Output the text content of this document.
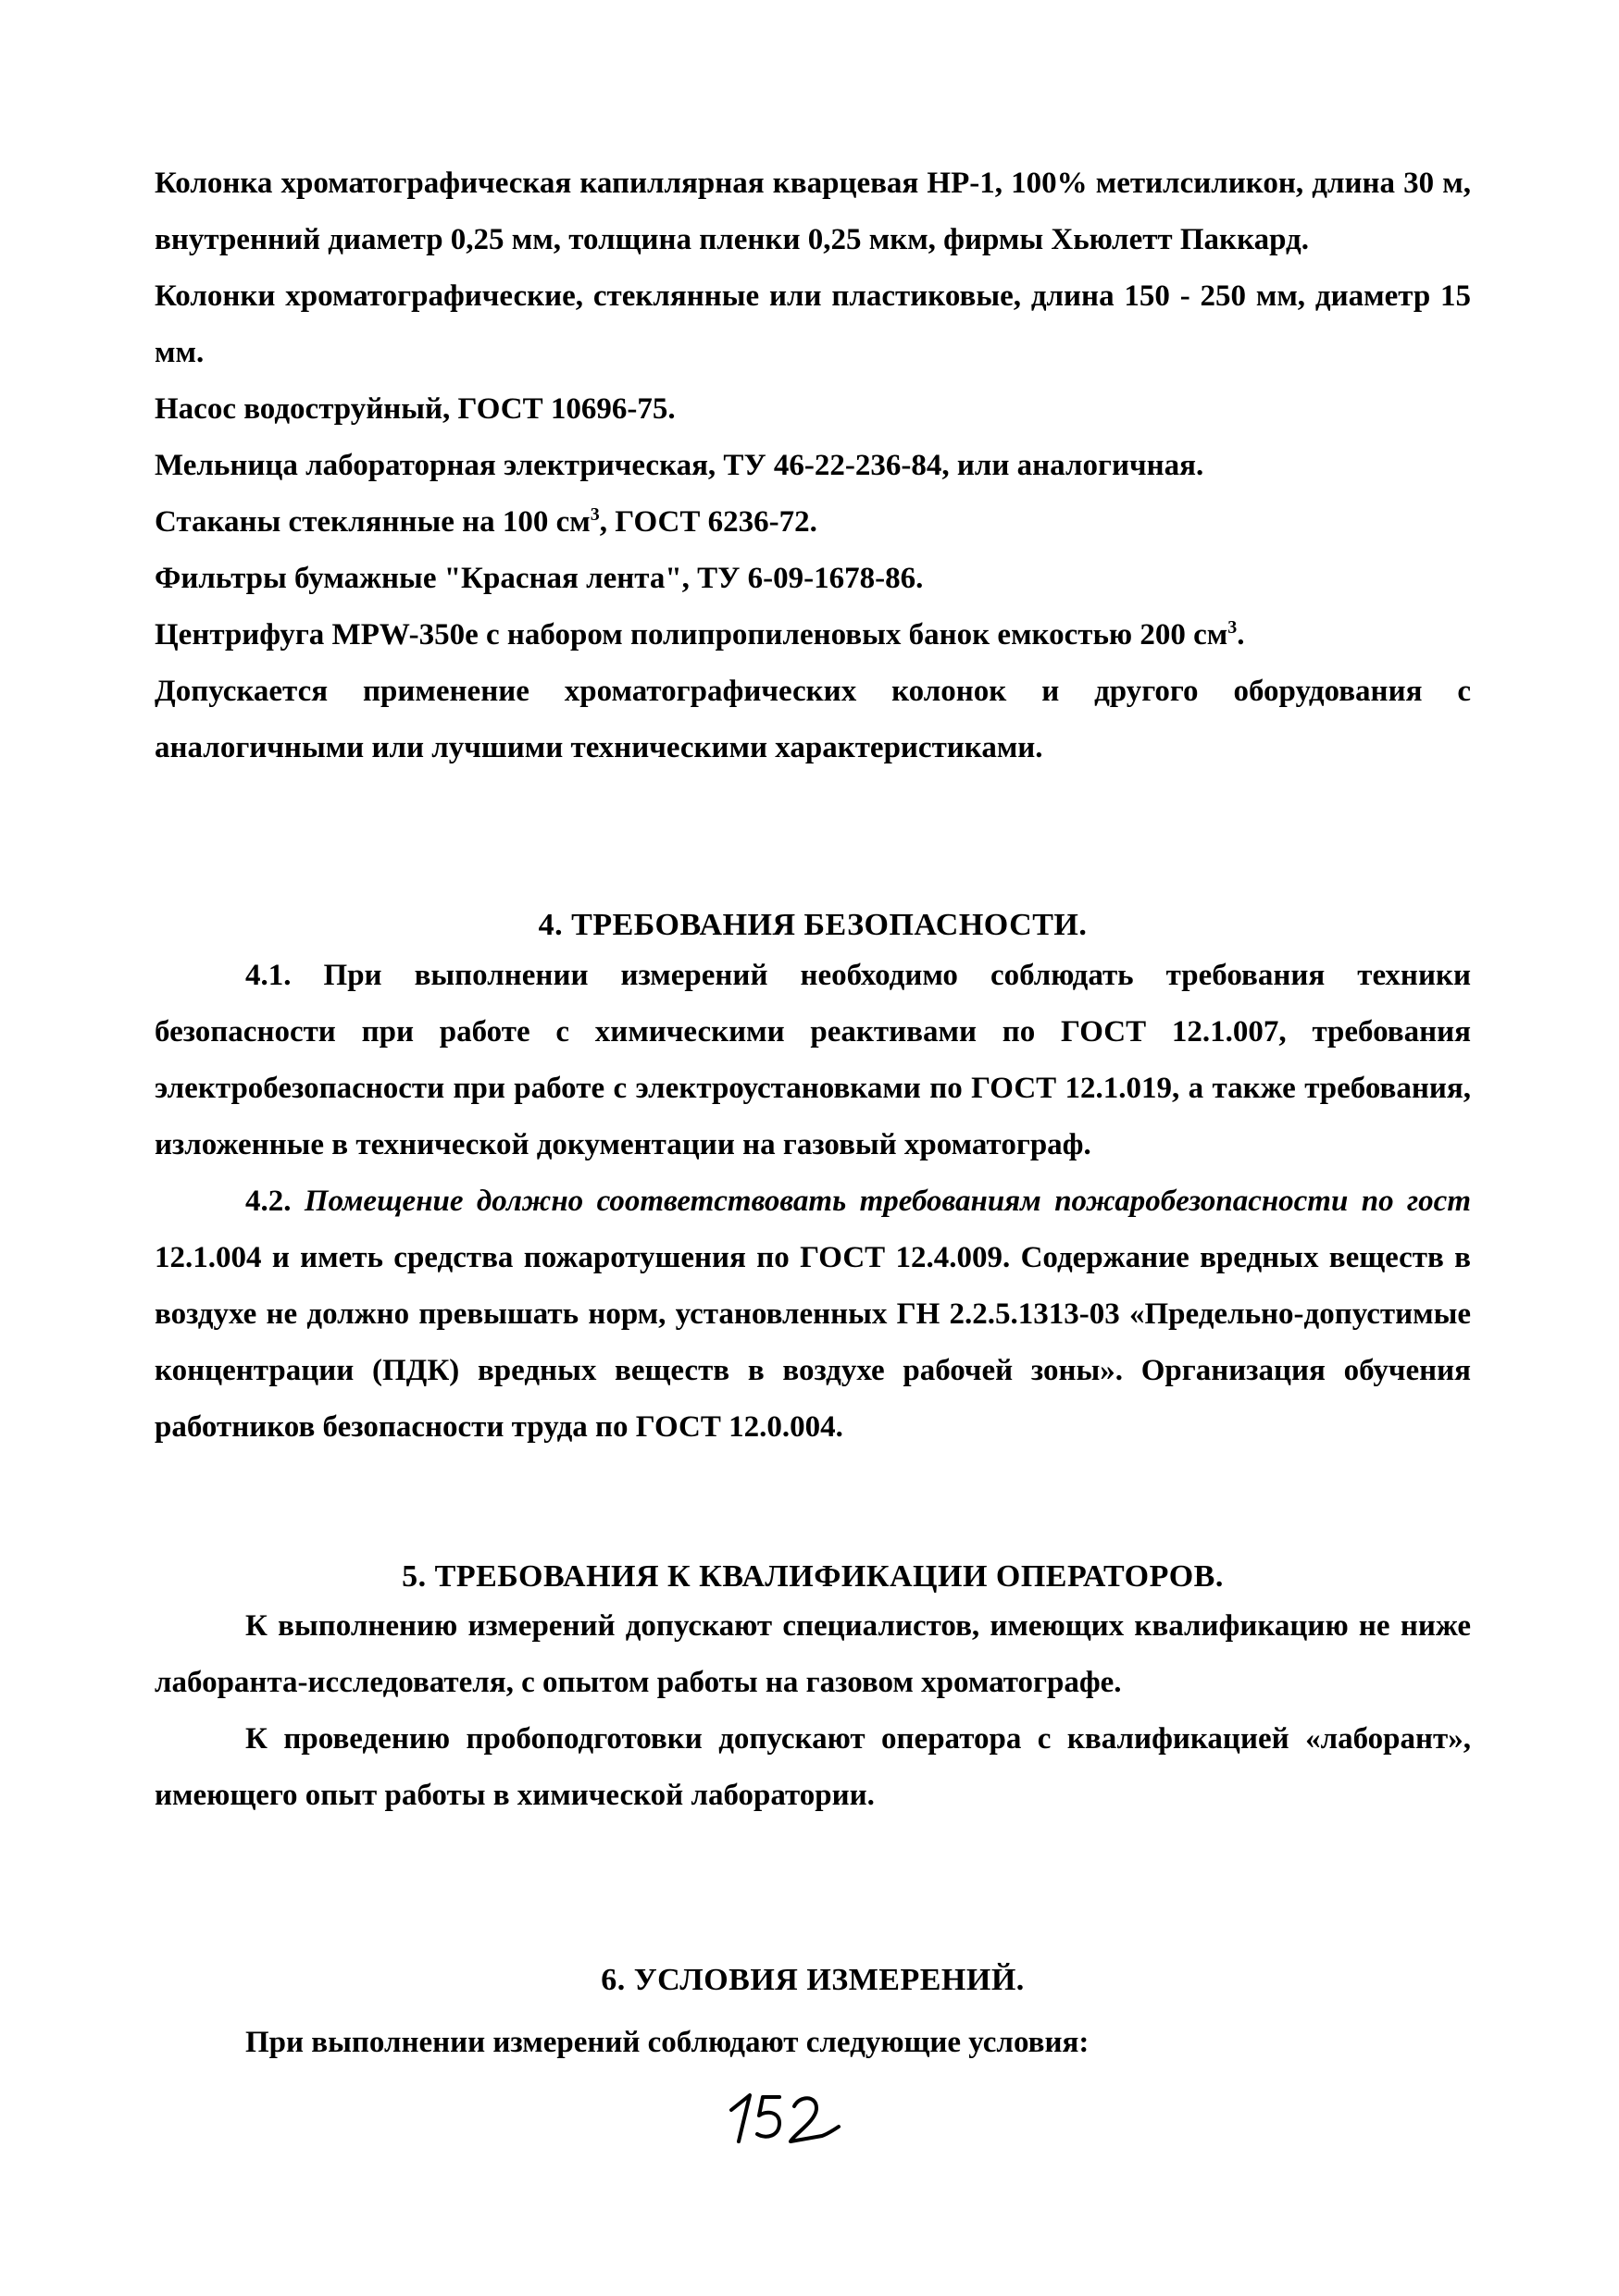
Колонка хроматографическая капиллярная кварцевая HP-1, 100% метилсиликон, длина 30 м, внутренний диаметр 0,25 мм, толщина пленки 0,25 мкм, фирмы Хьюлетт Паккард.

Колонки хроматографические, стеклянные или пластиковые, длина 150 - 250 мм, диаметр 15 мм.

Насос водоструйный, ГОСТ 10696-75.

Мельница лабораторная электрическая, ТУ 46-22-236-84, или аналогичная.

Стаканы стеклянные на 100 $см^3$, ГОСТ 6236-72.

Фильтры бумажные "Красная лента", ТУ 6-09-1678-86.

Центрифуга MPW-350e с набором полипропиленовых банок емкостью 200 $см^3$.

Допускается применение хроматографических колонок и другого оборудования с аналогичными или лучшими техническими характеристиками.

4. ТРЕБОВАНИЯ БЕЗОПАСНОСТИ.

4.1. При выполнении измерений необходимо соблюдать требования техники безопасности при работе с химическими реактивами по ГОСТ 12.1.007, требования электробезопасности при работе с электроустановками по ГОСТ 12.1.019, а также требования, изложенные в технической документации на газовый хроматограф.

4.2. Помещение должно соответствовать требованиям пожаробезопасности по гост 12.1.004 и иметь средства пожаротушения по ГОСТ 12.4.009. Содержание вредных веществ в воздухе не должно превышать норм, установленных ГН 2.2.5.1313-03 «Предельно-допустимые концентрации (ПДК) вредных веществ в воздухе рабочей зоны». Организация обучения работников безопасности труда по ГОСТ 12.0.004.

5. ТРЕБОВАНИЯ К КВАЛИФИКАЦИИ ОПЕРАТОРОВ.

К выполнению измерений допускают специалистов, имеющих квалификацию не ниже лаборанта-исследователя, с опытом работы на газовом хроматографе.

К проведению пробоподготовки допускают оператора с квалификацией «лаборант», имеющего опыт работы в химической лаборатории.

6. УСЛОВИЯ ИЗМЕРЕНИЙ.

При выполнении измерений соблюдают следующие условия:
